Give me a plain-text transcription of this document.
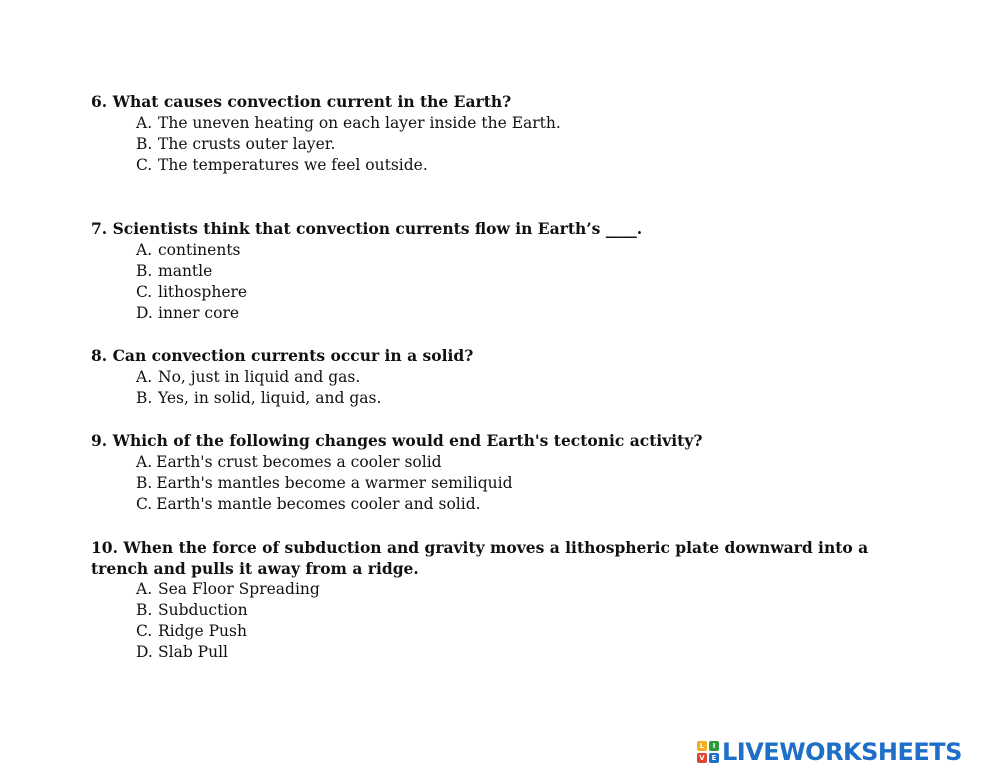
6. What causes convection current in the Earth?
A. The uneven heating on each layer inside the Earth.
B. The crusts outer layer.
C. The temperatures we feel outside.
7. Scientists think that convection currents flow in Earth’s ____.
A. continents
B. mantle
C. lithosphere
D. inner core
8. Can convection currents occur in a solid?
A. No, just in liquid and gas.
B. Yes, in solid, liquid, and gas.
9. Which of the following changes would end Earth's tectonic activity?
A. Earth's crust becomes a cooler solid
B. Earth's mantles become a warmer semiliquid
C. Earth's mantle becomes cooler and solid.
10. When the force of subduction and gravity moves a lithospheric plate downward into a trench and pulls it away from a ridge.
A. Sea Floor Spreading
B. Subduction
C. Ridge Push
D. Slab Pull
L	I
V E LIVEWORKSHEETS
